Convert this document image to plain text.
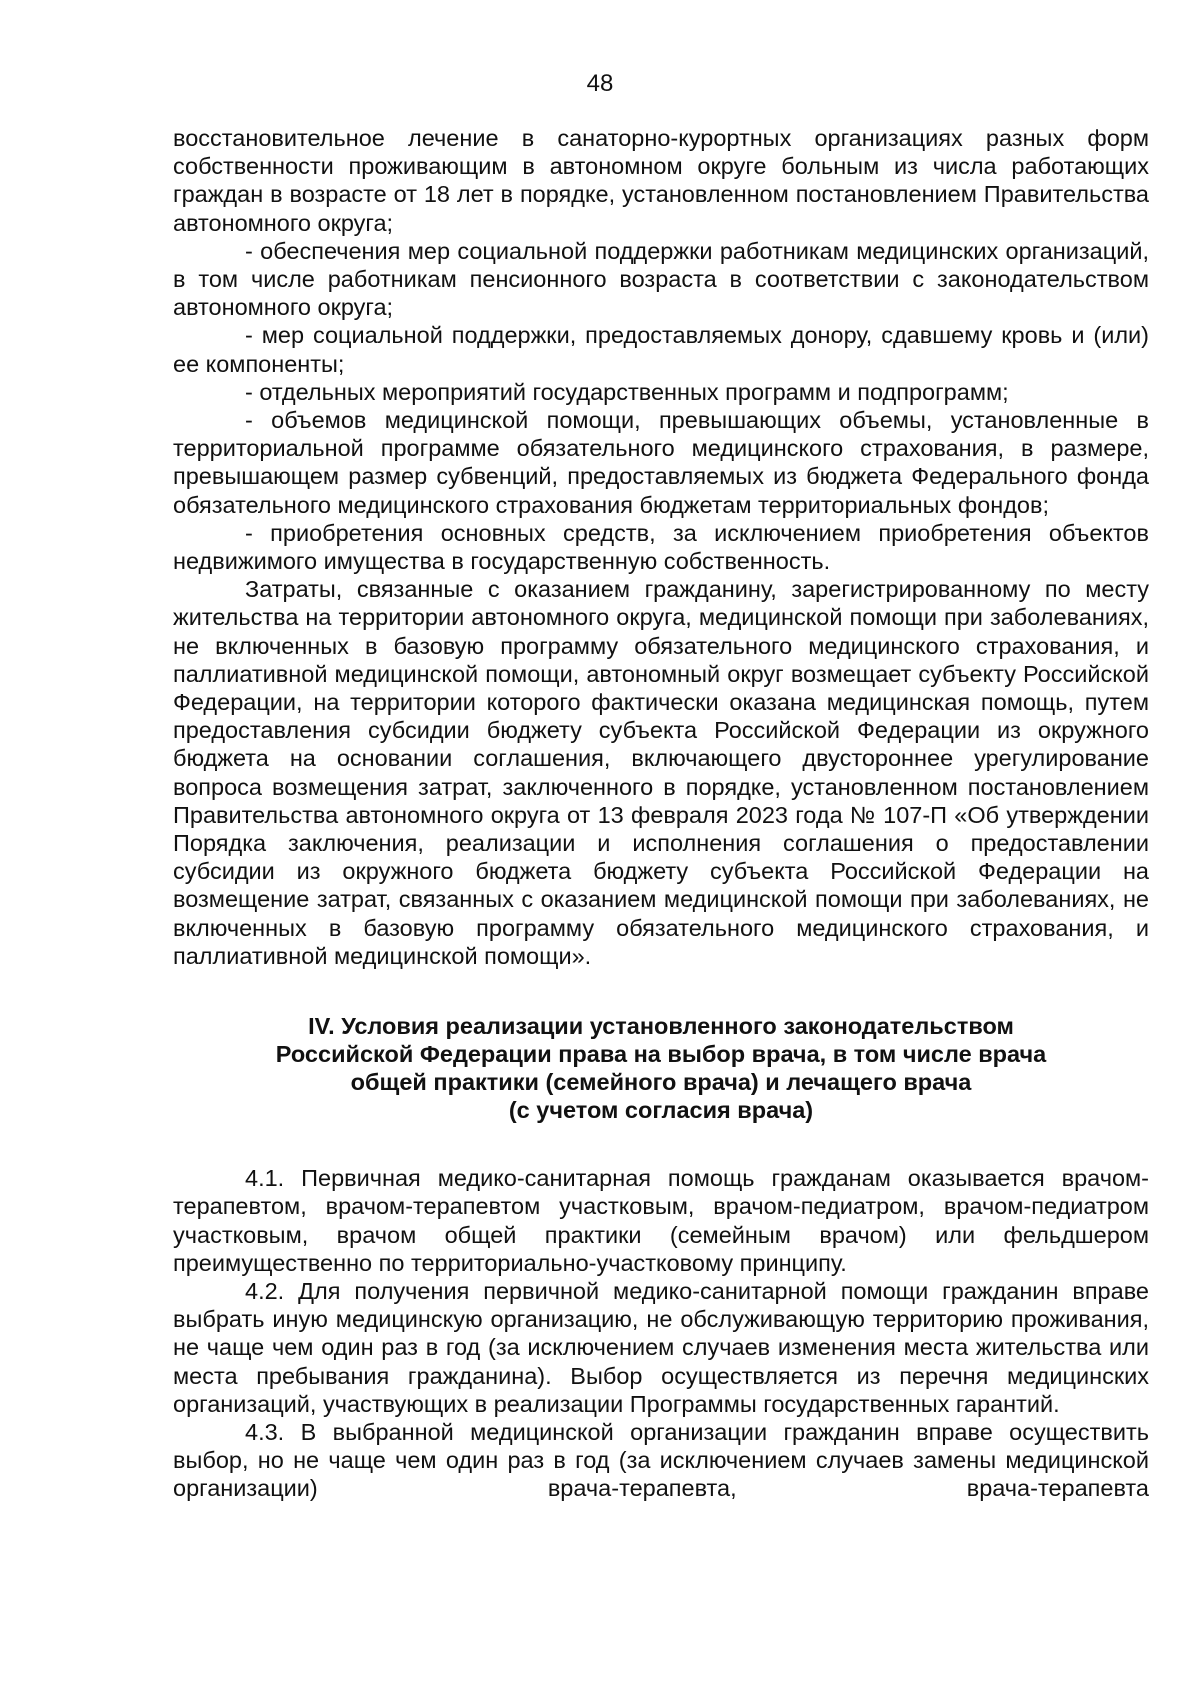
48

восстановительное лечение в санаторно-курортных организациях разных форм собственности проживающим в автономном округе больным из числа работающих граждан в возрасте от 18 лет в порядке, установленном постановлением Правительства автономного округа;

- обеспечения мер социальной поддержки работникам медицинских организаций, в том числе работникам пенсионного возраста в соответствии с законодательством автономного округа;

- мер социальной поддержки, предоставляемых донору, сдавшему кровь и (или) ее компоненты;

- отдельных мероприятий государственных программ и подпрограмм;

- объемов медицинской помощи, превышающих объемы, установленные в территориальной программе обязательного медицинского страхования, в размере, превышающем размер субвенций, предоставляемых из бюджета Федерального фонда обязательного медицинского страхования бюджетам территориальных фондов;

- приобретения основных средств, за исключением приобретения объектов недвижимого имущества в государственную собственность.

Затраты, связанные с оказанием гражданину, зарегистрированному по месту жительства на территории автономного округа, медицинской помощи при заболеваниях, не включенных в базовую программу обязательного медицинского страхования, и паллиативной медицинской помощи, автономный округ возмещает субъекту Российской Федерации, на территории которого фактически оказана медицинская помощь, путем предоставления субсидии бюджету субъекта Российской Федерации из окружного бюджета на основании соглашения, включающего двустороннее урегулирование вопроса возмещения затрат, заключенного в порядке, установленном постановлением Правительства автономного округа от 13 февраля 2023 года № 107-П «Об утверждении Порядка заключения, реализации и исполнения соглашения о предоставлении субсидии из окружного бюджета бюджету субъекта Российской Федерации на возмещение затрат, связанных с оказанием медицинской помощи при заболеваниях, не включенных в базовую программу обязательного медицинского страхования, и паллиативной медицинской помощи».

IV. Условия реализации установленного законодательством
Российской Федерации права на выбор врача, в том числе врача
общей практики (семейного врача) и лечащего врача
(с учетом согласия врача)

4.1. Первичная медико-санитарная помощь гражданам оказывается врачом-терапевтом, врачом-терапевтом участковым, врачом-педиатром, врачом-педиатром участковым, врачом общей практики (семейным врачом) или фельдшером преимущественно по территориально-участковому принципу.

4.2. Для получения первичной медико-санитарной помощи гражданин вправе выбрать иную медицинскую организацию, не обслуживающую территорию проживания, не чаще чем один раз в год (за исключением случаев изменения места жительства или места пребывания гражданина). Выбор осуществляется из перечня медицинских организаций, участвующих в реализации Программы государственных гарантий.

4.3. В выбранной медицинской организации гражданин вправе осуществить выбор, но не чаще чем один раз в год (за исключением случаев замены медицинской организации) врача-терапевта, врача-терапевта
